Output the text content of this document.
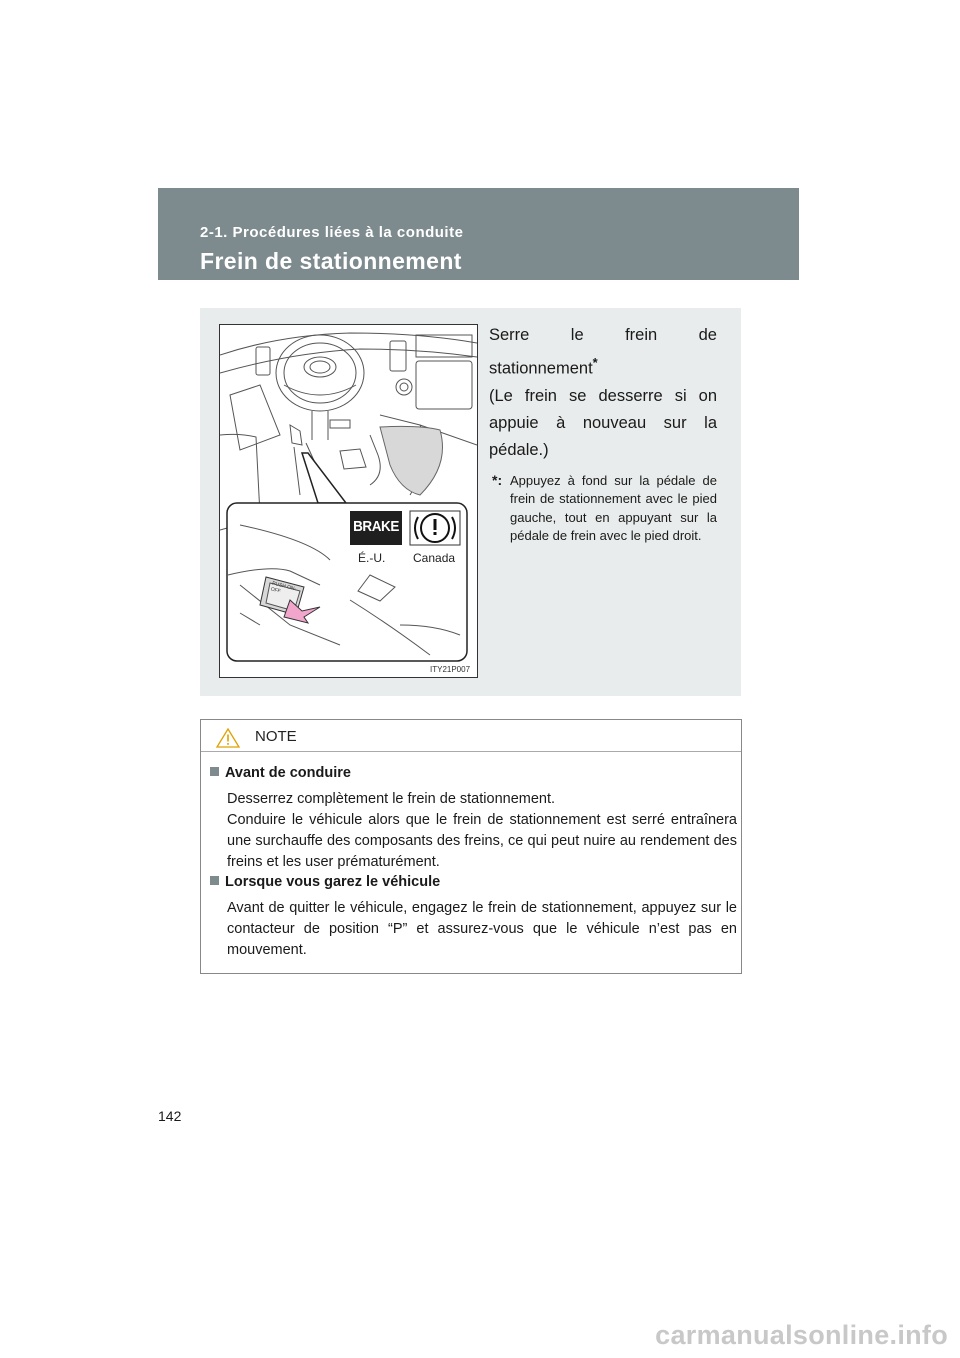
2-1. Procédures liées à la conduite
Frein de stationnement
BRAKE
É.-U. Canada
PUSH ON-OFF
ITY21P007

Serre le frein de stationnement*
(Le frein se desserre si on appuie à nouveau sur la pédale.)

*: Appuyez à fond sur la pédale de frein de stationnement avec le pied gauche, tout en appuyant sur la pédale de frein avec le pied droit.
NOTE
Avant de conduire

Desserrez complètement le frein de stationnement.

Conduire le véhicule alors que le frein de stationnement est serré entraînera une surchauffe des composants des freins, ce qui peut nuire au rendement des freins et les user prématurément.

Lorsque vous garez le véhicule

Avant de quitter le véhicule, engagez le frein de stationnement, appuyez sur le contacteur de position “P” et assurez-vous que le véhicule n’est pas en mouvement.

142
carmanualsonline.info
